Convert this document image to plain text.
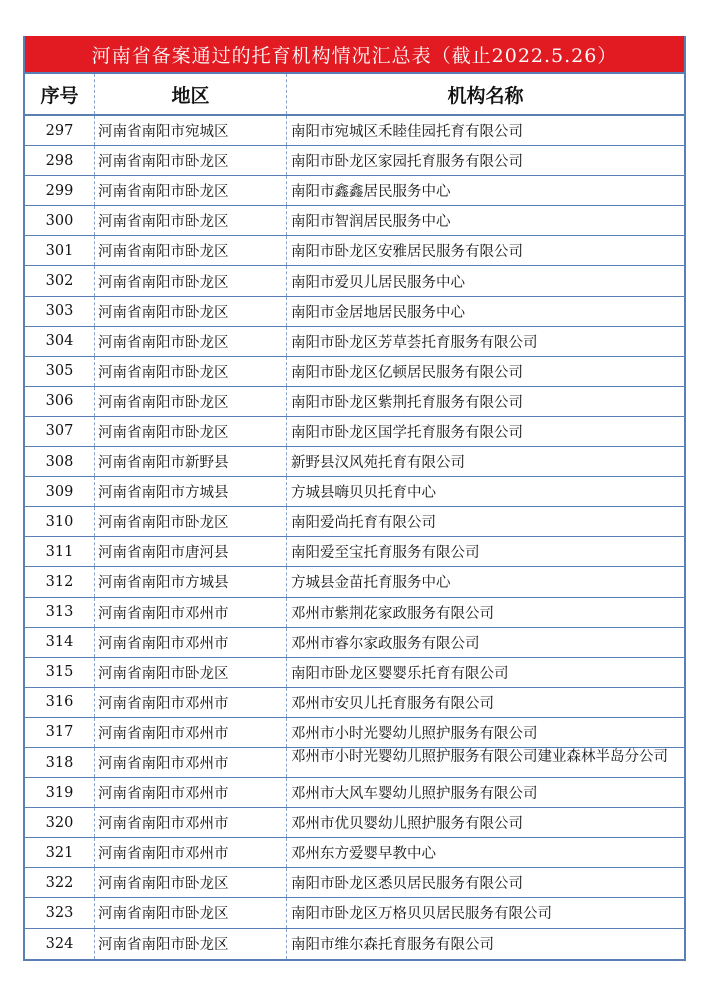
河南省备案通过的托育机构情况汇总表（截止2022.5.26）
序号	地区	机构名称
297	河南省南阳市宛城区	南阳市宛城区禾睦佳园托育有限公司
298	河南省南阳市卧龙区	南阳市卧龙区家园托育服务有限公司
299	河南省南阳市卧龙区	南阳市鑫鑫居民服务中心
300	河南省南阳市卧龙区	南阳市智润居民服务中心
301	河南省南阳市卧龙区	南阳市卧龙区安雅居民服务有限公司
302	河南省南阳市卧龙区	南阳市爱贝儿居民服务中心
303	河南省南阳市卧龙区	南阳市金居地居民服务中心
304	河南省南阳市卧龙区	南阳市卧龙区芳草荟托育服务有限公司
305	河南省南阳市卧龙区	南阳市卧龙区亿顿居民服务有限公司
306	河南省南阳市卧龙区	南阳市卧龙区紫荆托育服务有限公司
307	河南省南阳市卧龙区	南阳市卧龙区国学托育服务有限公司
308	河南省南阳市新野县	新野县汉风苑托育有限公司
309	河南省南阳市方城县	方城县嗨贝贝托育中心
310	河南省南阳市卧龙区	南阳爱尚托育有限公司
311	河南省南阳市唐河县	南阳爱至宝托育服务有限公司
312	河南省南阳市方城县	方城县金苗托育服务中心
313	河南省南阳市邓州市	邓州市紫荆花家政服务有限公司
314	河南省南阳市邓州市	邓州市睿尔家政服务有限公司
315	河南省南阳市卧龙区	南阳市卧龙区婴婴乐托育有限公司
316	河南省南阳市邓州市	邓州市安贝儿托育服务有限公司
317	河南省南阳市邓州市	邓州市小时光婴幼儿照护服务有限公司
318	河南省南阳市邓州市	邓州市小时光婴幼儿照护服务有限公司建业森林半岛分公司
319	河南省南阳市邓州市	邓州市大风车婴幼儿照护服务有限公司
320	河南省南阳市邓州市	邓州市优贝婴幼儿照护服务有限公司
321	河南省南阳市邓州市	邓州东方爱婴早教中心
322	河南省南阳市卧龙区	南阳市卧龙区悉贝居民服务有限公司
323	河南省南阳市卧龙区	南阳市卧龙区万格贝贝居民服务有限公司
324	河南省南阳市卧龙区	南阳市维尔森托育服务有限公司
